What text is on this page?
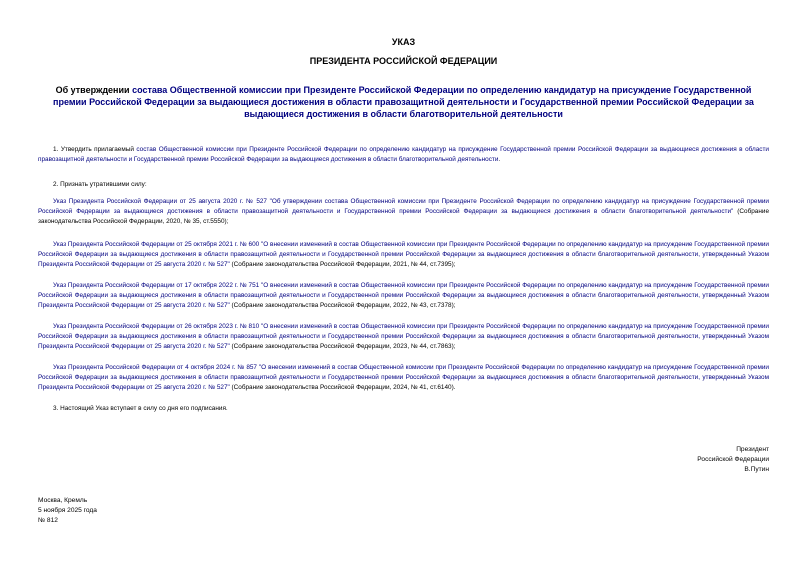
УКАЗ
ПРЕЗИДЕНТА РОССИЙСКОЙ ФЕДЕРАЦИИ
Об утверждении состава Общественной комиссии при Президенте Российской Федерации по определению кандидатур на присуждение Государственной премии Российской Федерации за выдающиеся достижения в области правозащитной деятельности и Государственной премии Российской Федерации за выдающиеся достижения в области благотворительной деятельности
1. Утвердить прилагаемый состав Общественной комиссии при Президенте Российской Федерации по определению кандидатур на присуждение Государственной премии Российской Федерации за выдающиеся достижения в области правозащитной деятельности и Государственной премии Российской Федерации за выдающиеся достижения в области благотворительной деятельности.
2. Признать утратившими силу:
Указ Президента Российской Федерации от 25 августа 2020 г. № 527 "Об утверждении состава Общественной комиссии при Президенте Российской Федерации по определению кандидатур на присуждение Государственной премии Российской Федерации за выдающиеся достижения в области правозащитной деятельности и Государственной премии Российской Федерации за выдающиеся достижения в области благотворительной деятельности" (Собрание законодательства Российской Федерации, 2020, № 35, ст.5550);
Указ Президента Российской Федерации от 25 октября 2021 г. № 600 "О внесении изменений в состав Общественной комиссии при Президенте Российской Федерации по определению кандидатур на присуждение Государственной премии Российской Федерации за выдающиеся достижения в области правозащитной деятельности и Государственной премии Российской Федерации за выдающиеся достижения в области благотворительной деятельности, утвержденный Указом Президента Российской Федерации от 25 августа 2020 г. № 527" (Собрание законодательства Российской Федерации, 2021, № 44, ст.7395);
Указ Президента Российской Федерации от 17 октября 2022 г. № 751 "О внесении изменений в состав Общественной комиссии при Президенте Российской Федерации по определению кандидатур на присуждение Государственной премии Российской Федерации за выдающиеся достижения в области правозащитной деятельности и Государственной премии Российской Федерации за выдающиеся достижения в области благотворительной деятельности, утвержденный Указом Президента Российской Федерации от 25 августа 2020 г. № 527" (Собрание законодательства Российской Федерации, 2022, № 43, ст.7378);
Указ Президента Российской Федерации от 26 октября 2023 г. № 810 "О внесении изменений в состав Общественной комиссии при Президенте Российской Федерации по определению кандидатур на присуждение Государственной премии Российской Федерации за выдающиеся достижения в области правозащитной деятельности и Государственной премии Российской Федерации за выдающиеся достижения в области благотворительной деятельности, утвержденный Указом Президента Российской Федерации от 25 августа 2020 г. № 527" (Собрание законодательства Российской Федерации, 2023, № 44, ст.7863);
Указ Президента Российской Федерации от 4 октября 2024 г. № 857 "О внесении изменений в состав Общественной комиссии при Президенте Российской Федерации по определению кандидатур на присуждение Государственной премии Российской Федерации за выдающиеся достижения в области правозащитной деятельности и Государственной премии Российской Федерации за выдающиеся достижения в области благотворительной деятельности, утвержденный Указом Президента Российской Федерации от 25 августа 2020 г. № 527" (Собрание законодательства Российской Федерации, 2024, № 41, ст.6140).
3. Настоящий Указ вступает в силу со дня его подписания.
Президент
Российской Федерации
В.Путин
Москва, Кремль
5 ноября 2025 года
№ 812
